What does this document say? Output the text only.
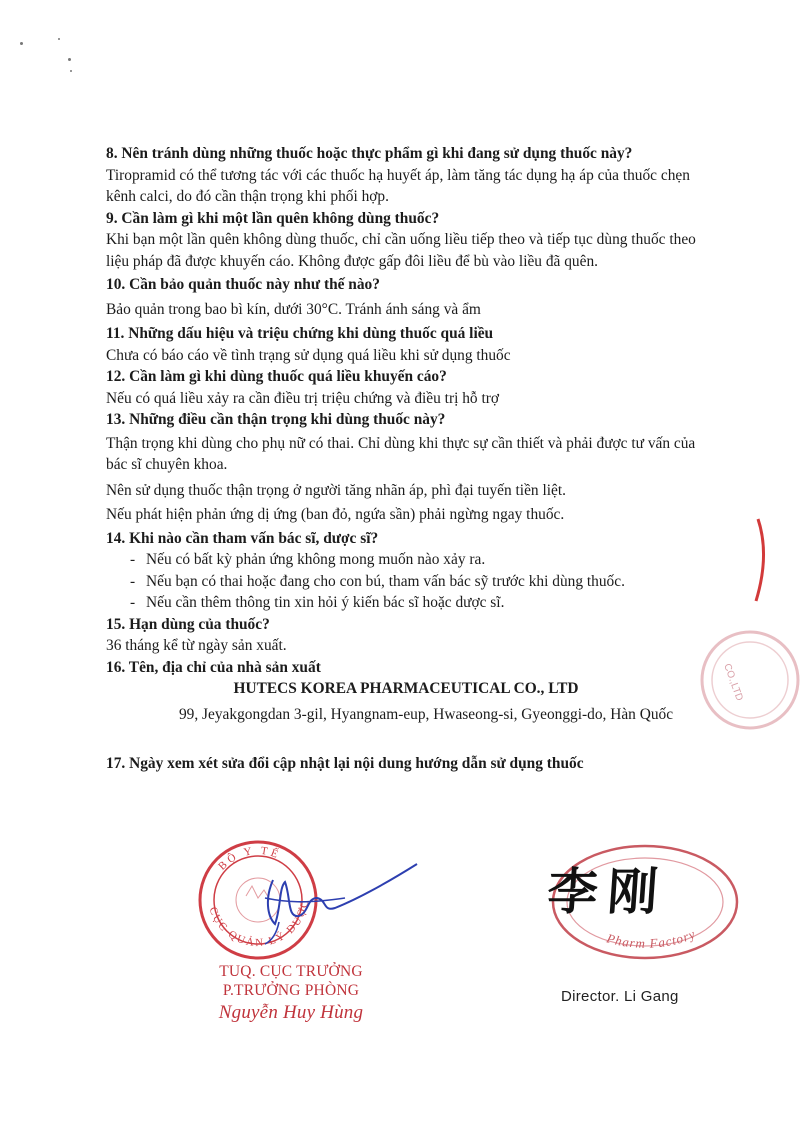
8. Nên tránh dùng những thuốc hoặc thực phẩm gì khi đang sử dụng thuốc này?

Tiropramid có thể tương tác với các thuốc hạ huyết áp, làm tăng tác dụng hạ áp của thuốc chẹn kênh calci, do đó cần thận trọng khi phối hợp.

9. Cần làm gì khi một lần quên không dùng thuốc?

Khi bạn một lần quên không dùng thuốc, chỉ cần uống liều tiếp theo và tiếp tục dùng thuốc theo liệu pháp đã được khuyến cáo. Không được gấp đôi liều để bù vào liều đã quên.

10. Cần bảo quản thuốc này như thế nào?

Bảo quản trong bao bì kín, dưới 30°C. Tránh ánh sáng và ẩm

11. Những dấu hiệu và triệu chứng khi dùng thuốc quá liều

Chưa có báo cáo về tình trạng sử dụng quá liều khi sử dụng thuốc

12. Cần làm gì khi dùng thuốc quá liều khuyến cáo?

Nếu có quá liều xảy ra cần điều trị triệu chứng và điều trị hỗ trợ

13. Những điều cần thận trọng khi dùng thuốc này?

Thận trọng khi dùng cho phụ nữ có thai. Chỉ dùng khi thực sự cần thiết và phải được tư vấn của bác sĩ chuyên khoa.

Nên sử dụng thuốc thận trọng ở người tăng nhãn áp, phì đại tuyến tiền liệt.

Nếu phát hiện phản ứng dị ứng (ban đỏ, ngứa sần) phải ngừng ngay thuốc.

14. Khi nào cần tham vấn bác sĩ, dược sĩ?

- Nếu có bất kỳ phản ứng không mong muốn nào xảy ra.
- Nếu bạn có thai hoặc đang cho con bú, tham vấn bác sỹ trước khi dùng thuốc.
- Nếu cần thêm thông tin xin hỏi ý kiến bác sĩ hoặc dược sĩ.

15. Hạn dùng của thuốc?

36 tháng kể từ ngày sản xuất.

16. Tên, địa chỉ của nhà sản xuất

HUTECS KOREA PHARMACEUTICAL CO., LTD

99, Jeyakgongdan 3-gil, Hyangnam-eup, Hwaseong-si, Gyeonggi-do, Hàn Quốc

17. Ngày xem xét sửa đổi cập nhật lại nội dung hướng dẫn sử dụng thuốc

CO.,LTD
BỘ Y TẾ
CỤC QUẢN LÝ DƯỢC
Pharm Factory
李刚
TUQ. CỤC TRƯỞNG
P.TRƯỞNG PHÒNG
Nguyễn Huy Hùng
Director. Li Gang
